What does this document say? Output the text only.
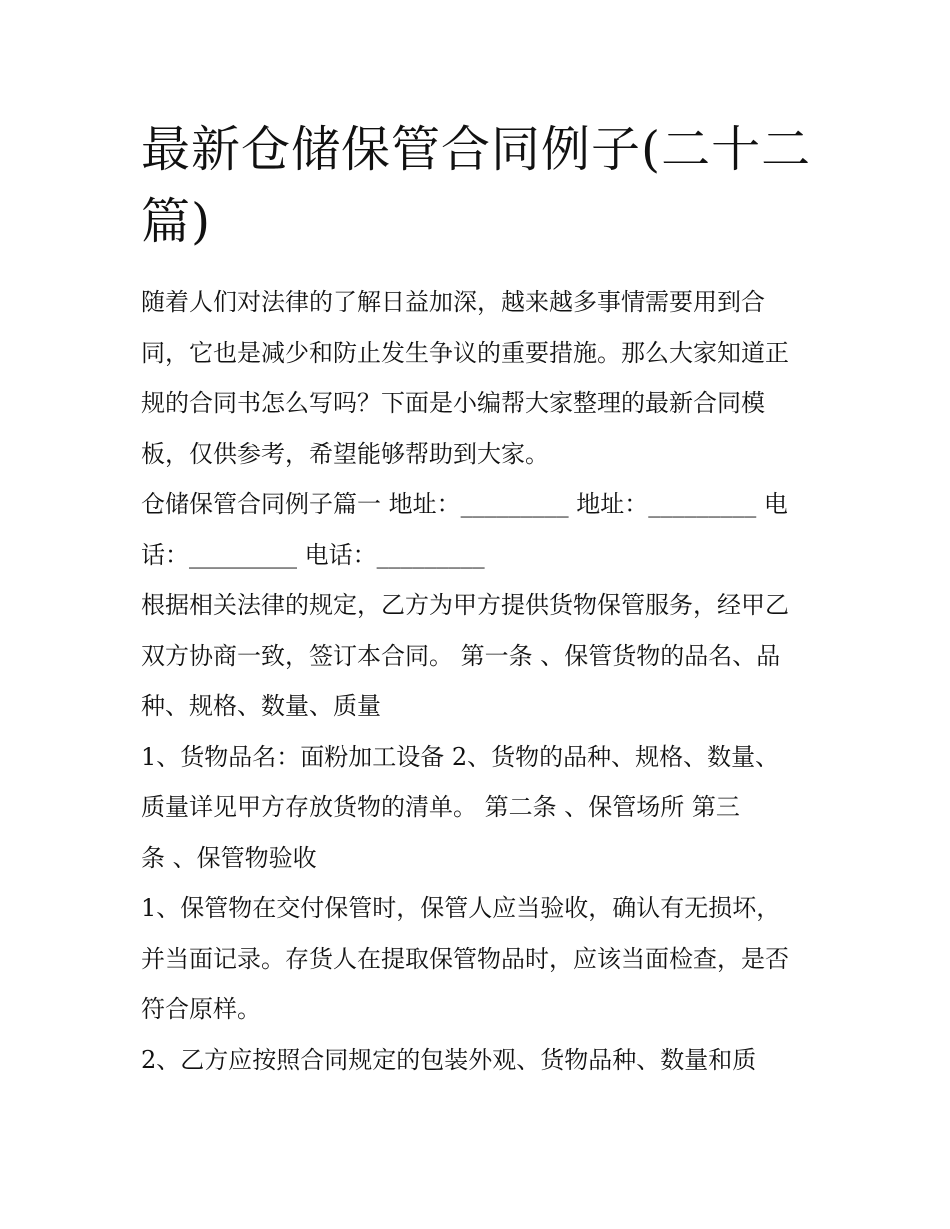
最新仓储保管合同例子(二十二
篇)

随着人们对法律的了解日益加深，越来越多事情需要用到合
同，它也是减少和防止发生争议的重要措施。那么大家知道正
规的合同书怎么写吗？下面是小编帮大家整理的最新合同模
板，仅供参考，希望能够帮助到大家。

仓储保管合同例子篇一 地址：_________ 地址：_________ 电
话：_________ 电话：_________

根据相关法律的规定，乙方为甲方提供货物保管服务，经甲乙
双方协商一致，签订本合同。 第一条 、保管货物的品名、品
种、规格、数量、质量

1、货物品名：面粉加工设备 2、货物的品种、规格、数量、
质量详见甲方存放货物的清单。 第二条 、保管场所 第三
条 、保管物验收

1、保管物在交付保管时，保管人应当验收，确认有无损坏，
并当面记录。存货人在提取保管物品时，应该当面检查，是否
符合原样。

2、乙方应按照合同规定的包装外观、货物品种、数量和质
